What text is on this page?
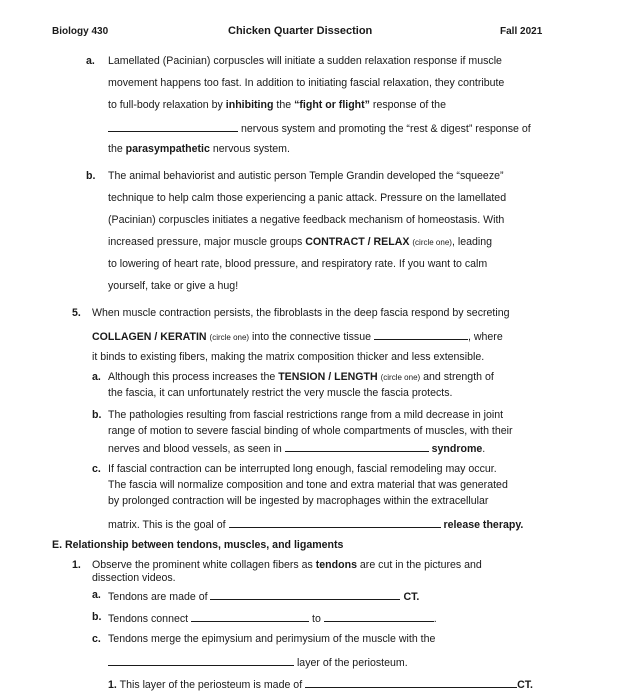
Biology 430	Chicken Quarter Dissection	Fall 2021
a. Lamellated (Pacinian) corpuscles will initiate a sudden relaxation response if muscle
movement happens too fast. In addition to initiating fascial relaxation, they contribute
to full-body relaxation by inhibiting the “fight or flight” response of the
nervous system and promoting the “rest & digest” response of
the parasympathetic nervous system.
b. The animal behaviorist and autistic person Temple Grandin developed the “squeeze”
technique to help calm those experiencing a panic attack. Pressure on the lamellated
(Pacinian) corpuscles initiates a negative feedback mechanism of homeostasis. With
increased pressure, major muscle groups CONTRACT / RELAX (circle one), leading
to lowering of heart rate, blood pressure, and respiratory rate. If you want to calm
yourself, take or give a hug!
5. When muscle contraction persists, the fibroblasts in the deep fascia respond by secreting
COLLAGEN / KERATIN (circle one) into the connective tissue	, where
it binds to existing fibers, making the matrix composition thicker and less extensible.
a. Although this process increases the TENSION / LENGTH (circle one) and strength of
the fascia, it can unfortunately restrict the very muscle the fascia protects.
b. The pathologies resulting from fascial restrictions range from a mild decrease in joint
range of motion to severe fascial binding of whole compartments of muscles, with their
nerves and blood vessels, as seen in	syndrome.
c. If fascial contraction can be interrupted long enough, fascial remodeling may occur.
The fascia will normalize composition and tone and extra material that was generated
by prolonged contraction will be ingested by macrophages within the extracellular
matrix. This is the goal of	release therapy.
E. Relationship between tendons, muscles, and ligaments
1. Observe the prominent white collagen fibers as tendons are cut in the pictures and
dissection videos.
a. Tendons are made of	CT.
b. Tendons connect	to	.
c. Tendons merge the epimysium and perimysium of the muscle with the
layer of the periosteum.
1. This layer of the periosteum is made of	CT.
